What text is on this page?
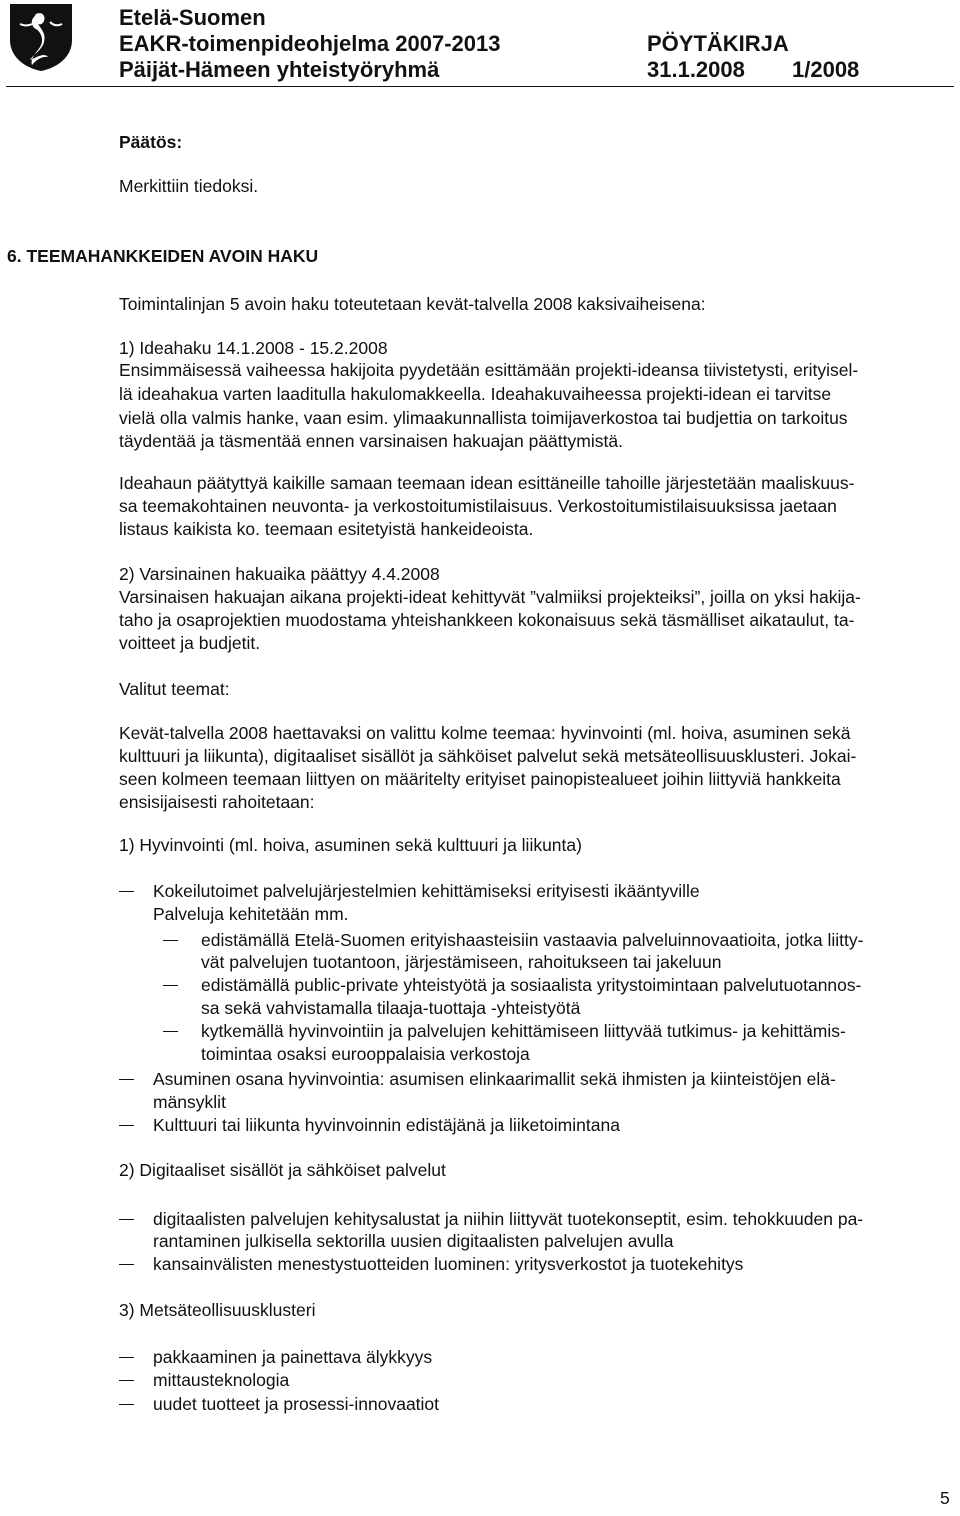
Etelä-Suomen
EAKR-toimenpideohjelma 2007-2013
Päijät-Hämeen yhteistyöryhmä
PÖYTÄKIRJA
31.1.2008 1/2008
Päätös:
Merkittiin tiedoksi.
6. TEEMAHANKKEIDEN AVOIN HAKU
Toimintalinjan 5 avoin haku toteutetaan kevät-talvella 2008 kaksivaiheisena:
1) Ideahaku 14.1.2008 - 15.2.2008
Ensimmäisessä vaiheessa hakijoita pyydetään esittämään projekti-ideansa tiivistetysti, erityisel-
lä ideahakua varten laaditulla hakulomakkeella. Ideahakuvaiheessa projekti-idean ei tarvitse
vielä olla valmis hanke, vaan esim. ylimaakunnallista toimijaverkostoa tai budjettia on tarkoitus
täydentää ja täsmentää ennen varsinaisen hakuajan päättymistä.
Ideahaun päätyttyä kaikille samaan teemaan idean esittäneille tahoille järjestetään maaliskuus-
sa teemakohtainen neuvonta- ja verkostoitumistilaisuus. Verkostoitumistilaisuuksissa jaetaan
listaus kaikista ko. teemaan esitetyistä hankeideoista.
2) Varsinainen hakuaika päättyy 4.4.2008
Varsinaisen hakuajan aikana projekti-ideat kehittyvät ”valmiiksi projekteiksi”, joilla on yksi hakija-
taho ja osaprojektien muodostama yhteishankkeen kokonaisuus sekä täsmälliset aikataulut, ta-
voitteet ja budjetit.
Valitut teemat:
Kevät-talvella 2008 haettavaksi on valittu kolme teemaa: hyvinvointi (ml. hoiva, asuminen sekä
kulttuuri ja liikunta), digitaaliset sisällöt ja sähköiset palvelut sekä metsäteollisuusklusteri. Jokai-
seen kolmeen teemaan liittyen on määritelty erityiset painopistealueet joihin liittyviä hankkeita
ensisijaisesti rahoitetaan:
1) Hyvinvointi (ml. hoiva, asuminen sekä kulttuuri ja liikunta)
Kokeilutoimet palvelujärjestelmien kehittämiseksi erityisesti ikääntyville
Palveluja kehitetään mm.
edistämällä Etelä-Suomen erityishaasteisiin vastaavia palveluinnovaatioita, jotka liitty-
vät palvelujen tuotantoon, järjestämiseen, rahoitukseen tai jakeluun
edistämällä public-private yhteistyötä ja sosiaalista yritystoimintaan palvelutuotannos-
sa sekä vahvistamalla tilaaja-tuottaja -yhteistyötä
kytkemällä hyvinvointiin ja palvelujen kehittämiseen liittyvää tutkimus- ja kehittämis-
toimintaa osaksi eurooppalaisia verkostoja
Asuminen osana hyvinvointia: asumisen elinkaarimallit sekä ihmisten ja kiinteistöjen elä-
mänsyklit
Kulttuuri tai liikunta hyvinvoinnin edistäjänä ja liiketoimintana
2) Digitaaliset sisällöt ja sähköiset palvelut
digitaalisten palvelujen kehitysalustat ja niihin liittyvät tuotekonseptit, esim. tehokkuuden pa-
rantaminen julkisella sektorilla uusien digitaalisten palvelujen avulla
kansainvälisten menestystuotteiden luominen: yritysverkostot ja tuotekehitys
3) Metsäteollisuusklusteri
pakkaaminen ja painettava älykkyys
mittausteknologia
uudet tuotteet ja prosessi-innovaatiot
5
